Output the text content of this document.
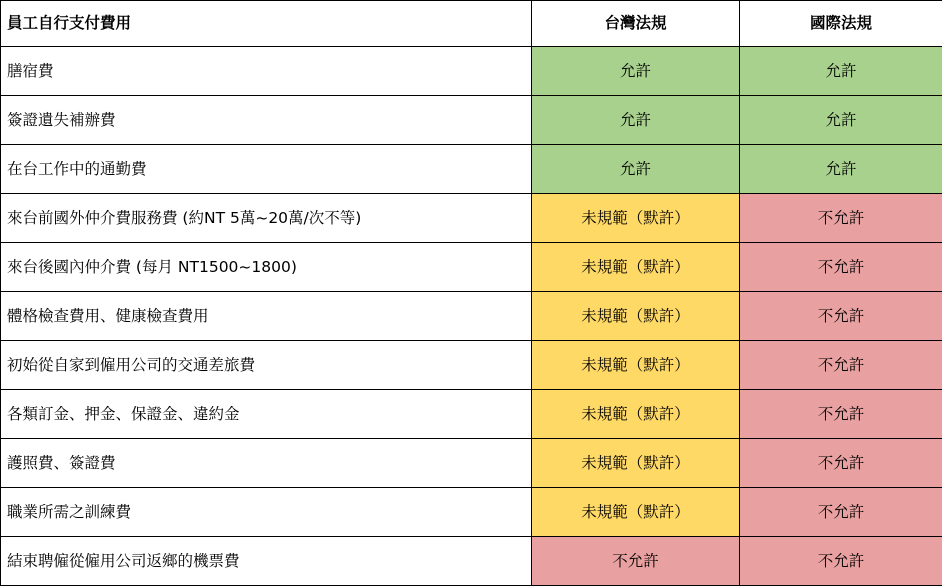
員工自行支付費用	台灣法規	國際法規
膳宿費	允許	允許
簽證遺失補辦費	允許	允許
在台工作中的通勤費	允許	允許
來台前國外仲介費服務費 (約NT 5萬~20萬/次不等)	未規範（默許）	不允許
來台後國內仲介費 (每月 NT1500~1800)	未規範（默許）	不允許
體格檢查費用、健康檢查費用	未規範（默許）	不允許
初始從自家到僱用公司的交通差旅費	未規範（默許）	不允許
各類訂金、押金、保證金、違約金	未規範（默許）	不允許
護照費、簽證費	未規範（默許）	不允許
職業所需之訓練費	未規範（默許）	不允許
結束聘僱從僱用公司返鄉的機票費	不允許	不允許
